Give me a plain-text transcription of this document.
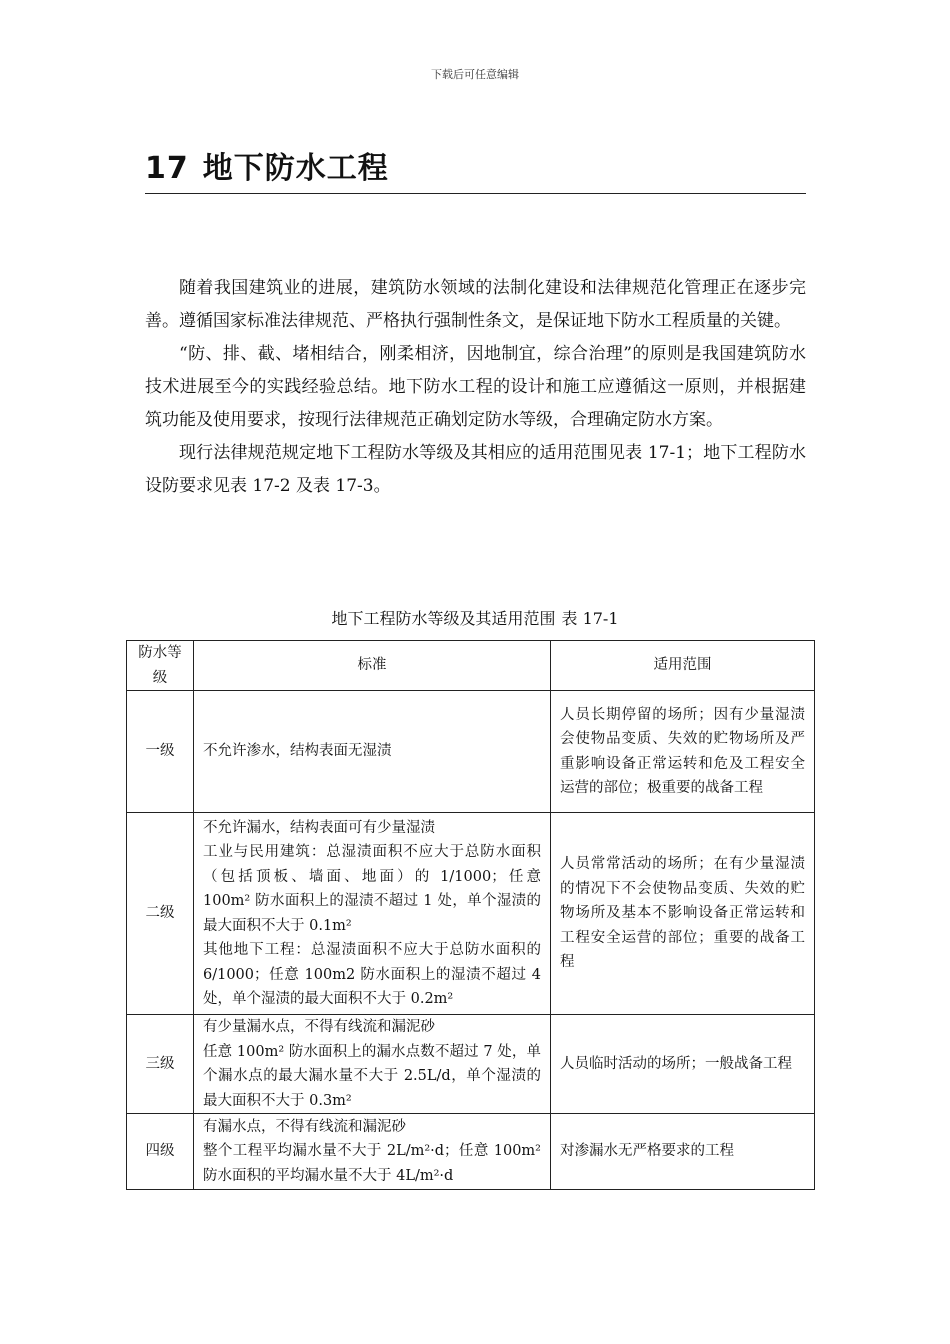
下载后可任意编辑
17 地下防水工程

随着我国建筑业的进展，建筑防水领域的法制化建设和法律规范化管理正在逐步完善。遵循国家标准法律规范、严格执行强制性条文，是保证地下防水工程质量的关键。

“防、排、截、堵相结合，刚柔相济，因地制宜，综合治理”的原则是我国建筑防水技术进展至今的实践经验总结。地下防水工程的设计和施工应遵循这一原则，并根据建筑功能及使用要求，按现行法律规范正确划定防水等级，合理确定防水方案。

现行法律规范规定地下工程防水等级及其相应的适用范围见表 17-1；地下工程防水设防要求见表 17-2 及表 17-3。

地下工程防水等级及其适用范围 表 17-1
防水等级	标准	适用范围
一级	不允许渗水，结构表面无湿渍	人员长期停留的场所；因有少量湿渍会使物品变质、失效的贮物场所及严重影响设备正常运转和危及工程安全运营的部位；极重要的战备工程
二级	不允许漏水，结构表面可有少量湿渍
工业与民用建筑：总湿渍面积不应大于总防水面积（包括顶板、墙面、地面）的 1/1000；任意 100m² 防水面积上的湿渍不超过 1 处，单个湿渍的最大面积不大于 0.1m²
其他地下工程：总湿渍面积不应大于总防水面积的 6/1000；任意 100m2 防水面积上的湿渍不超过 4 处，单个湿渍的最大面积不大于 0.2m²	人员常常活动的场所；在有少量湿渍的情况下不会使物品变质、失效的贮物场所及基本不影响设备正常运转和工程安全运营的部位；重要的战备工程
三级	有少量漏水点，不得有线流和漏泥砂
任意 100m² 防水面积上的漏水点数不超过 7 处，单个漏水点的最大漏水量不大于 2.5L/d，单个湿渍的最大面积不大于 0.3m²	人员临时活动的场所；一般战备工程
四级	有漏水点，不得有线流和漏泥砂
整个工程平均漏水量不大于 2L/m²·d；任意 100m² 防水面积的平均漏水量不大于 4L/m²·d	对渗漏水无严格要求的工程
